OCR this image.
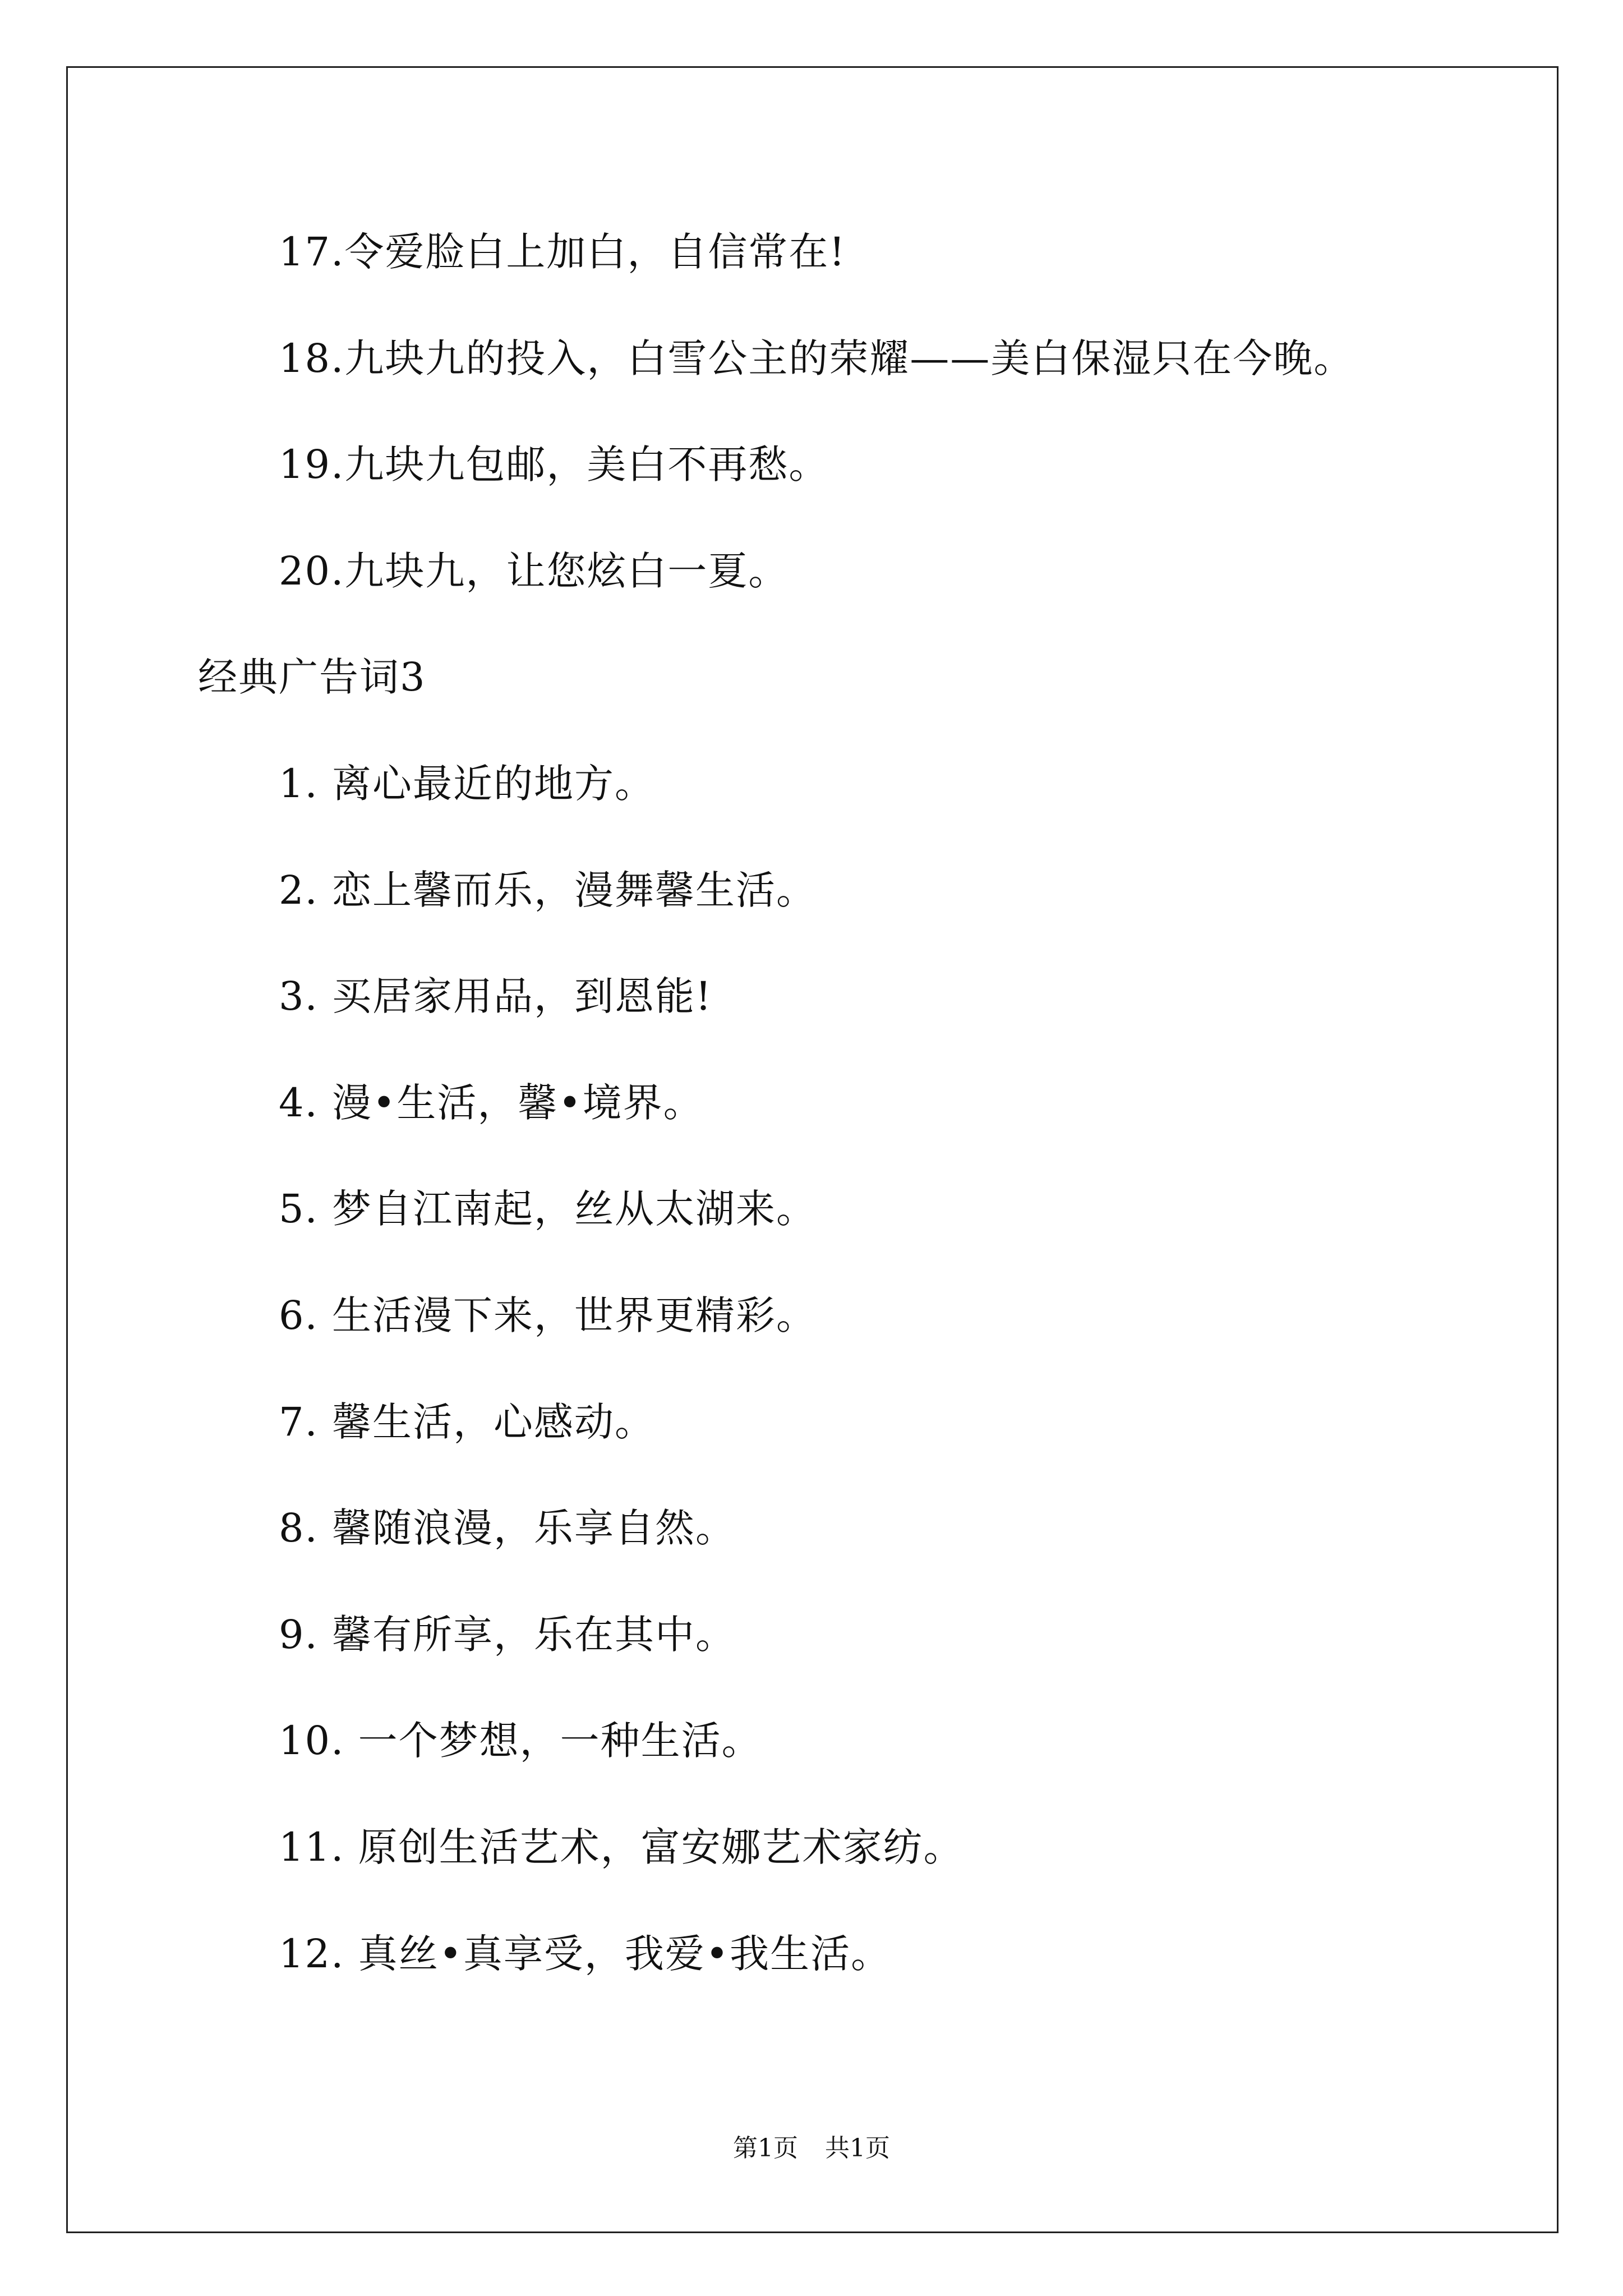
17.令爱脸白上加白，自信常在!
18.九块九的投入，白雪公主的荣耀——美白保湿只在今晚。
19.九块九包邮，美白不再愁。
20.九块九，让您炫白一夏。
经典广告词3
1. 离心最近的地方。
2. 恋上馨而乐，漫舞馨生活。
3. 买居家用品，到恩能!
4. 漫•生活，馨•境界。
5. 梦自江南起，丝从太湖来。
6. 生活漫下来，世界更精彩。
7. 馨生活，心感动。
8. 馨随浪漫，乐享自然。
9. 馨有所享，乐在其中。
10. 一个梦想，一种生活。
11. 原创生活艺术，富安娜艺术家纺。
12. 真丝•真享受，我爱•我生活。
第1页 共1页
